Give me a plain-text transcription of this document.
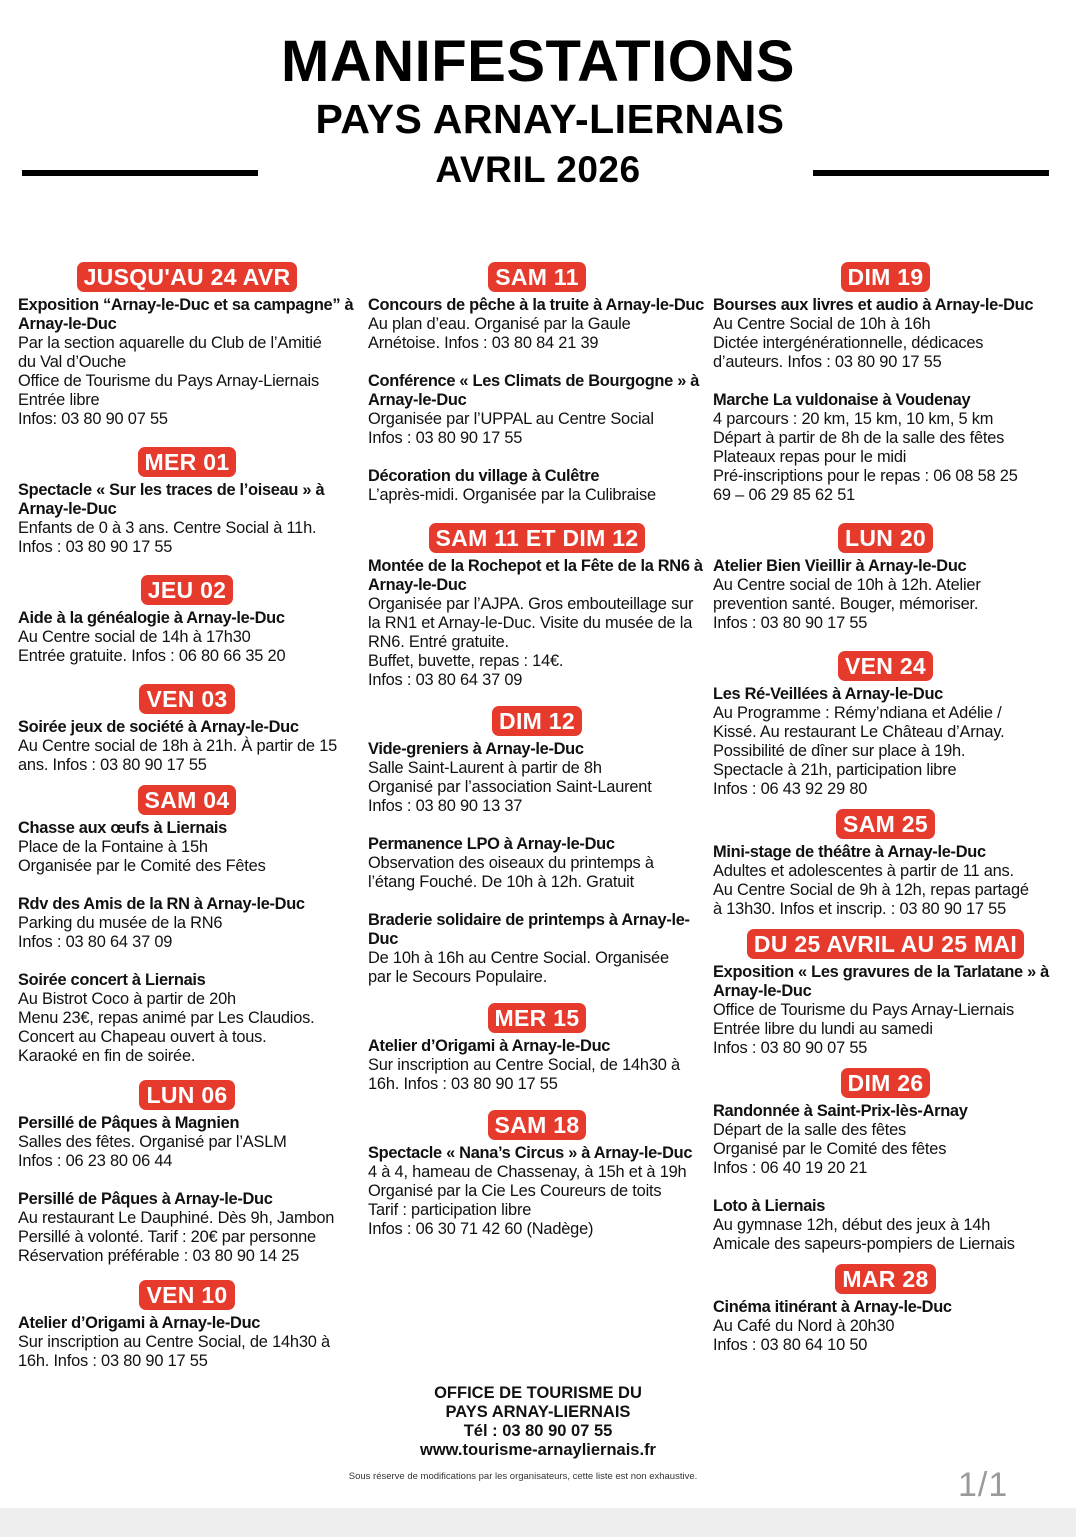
MANIFESTATIONS
PAYS ARNAY-LIERNAIS
AVRIL 2026
JUSQU'AU 24 AVR
Exposition “Arnay-le-Duc et sa campagne” à
Arnay-le-Duc
Par la section aquarelle du Club de l’Amitié
du Val d’Ouche
Office de Tourisme du Pays Arnay-Liernais
Entrée libre
Infos: 03 80 90 07 55
MER 01
Spectacle « Sur les traces de l’oiseau » à
Arnay-le-Duc
Enfants de 0 à 3 ans. Centre Social à 11h.
Infos : 03 80 90 17 55
JEU 02
Aide à la généalogie à Arnay-le-Duc
Au Centre social de 14h à 17h30
Entrée gratuite. Infos : 06 80 66 35 20
VEN 03
Soirée jeux de société à Arnay-le-Duc
Au Centre social de 18h à 21h. À partir de 15
ans. Infos : 03 80 90 17 55
SAM 04
Chasse aux œufs à Liernais
Place de la Fontaine à 15h
Organisée par le Comité des Fêtes
Rdv des Amis de la RN à Arnay-le-Duc
Parking du musée de la RN6
Infos : 03 80 64 37 09
Soirée concert à Liernais
Au Bistrot Coco à partir de 20h
Menu 23€, repas animé par Les Claudios.
Concert au Chapeau ouvert à tous.
Karaoké en fin de soirée.
LUN 06
Persillé de Pâques à Magnien
Salles des fêtes. Organisé par l’ASLM
Infos : 06 23 80 06 44
Persillé de Pâques à Arnay-le-Duc
Au restaurant Le Dauphiné. Dès 9h, Jambon
Persillé à volonté. Tarif : 20€ par personne
Réservation préférable : 03 80 90 14 25
VEN 10
Atelier d’Origami à Arnay-le-Duc
Sur inscription au Centre Social, de 14h30 à
16h. Infos : 03 80 90 17 55
SAM 11
Concours de pêche à la truite à Arnay-le-Duc
Au plan d’eau. Organisé par la Gaule
Arnétoise. Infos : 03 80 84 21 39
Conférence « Les Climats de Bourgogne » à
Arnay-le-Duc
Organisée par l’UPPAL au Centre Social
Infos : 03 80 90 17 55
Décoration du village à Culêtre
L’après-midi. Organisée par la Culibraise
SAM 11 ET DIM 12
Montée de la Rochepot et la Fête de la RN6 à
Arnay-le-Duc
Organisée par l’AJPA. Gros embouteillage sur
la RN1 et Arnay-le-Duc. Visite du musée de la
RN6. Entré gratuite.
Buffet, buvette, repas : 14€.
Infos : 03 80 64 37 09
DIM 12
Vide-greniers à Arnay-le-Duc
Salle Saint-Laurent à partir de 8h
Organisé par l’association Saint-Laurent
Infos : 03 80 90 13 37
Permanence LPO à Arnay-le-Duc
Observation des oiseaux du printemps à
l’étang Fouché. De 10h à 12h. Gratuit
Braderie solidaire de printemps à Arnay-le-
Duc
De 10h à 16h au Centre Social. Organisée
par le Secours Populaire.
MER 15
Atelier d’Origami à Arnay-le-Duc
Sur inscription au Centre Social, de 14h30 à
16h. Infos : 03 80 90 17 55
SAM 18
Spectacle « Nana’s Circus » à Arnay-le-Duc
4 à 4, hameau de Chassenay, à 15h et à 19h
Organisé par la Cie Les Coureurs de toits
Tarif : participation libre
Infos : 06 30 71 42 60 (Nadège)
DIM 19
Bourses aux livres et audio à Arnay-le-Duc
Au Centre Social de 10h à 16h
Dictée intergénérationnelle, dédicaces
d’auteurs. Infos : 03 80 90 17 55
Marche La vuldonaise à Voudenay
4 parcours : 20 km, 15 km, 10 km, 5 km
Départ à partir de 8h de la salle des fêtes
Plateaux repas pour le midi
Pré-inscriptions pour le repas : 06 08 58 25
69 – 06 29 85 62 51
LUN 20
Atelier Bien Vieillir à Arnay-le-Duc
Au Centre social de 10h à 12h. Atelier
prevention santé. Bouger, mémoriser.
Infos : 03 80 90 17 55
VEN 24
Les Ré-Veillées à Arnay-le-Duc
Au Programme : Rémy’ndiana et Adélie /
Kissé. Au restaurant Le Château d’Arnay.
Possibilité de dîner sur place à 19h.
Spectacle à 21h, participation libre
Infos : 06 43 92 29 80
SAM 25
Mini-stage de théâtre à Arnay-le-Duc
Adultes et adolescentes à partir de 11 ans.
Au Centre Social de 9h à 12h, repas partagé
à 13h30. Infos et inscrip. : 03 80 90 17 55
DU 25 AVRIL AU 25 MAI
Exposition « Les gravures de la Tarlatane » à
Arnay-le-Duc
Office de Tourisme du Pays Arnay-Liernais
Entrée libre du lundi au samedi
Infos : 03 80 90 07 55
DIM 26
Randonnée à Saint-Prix-lès-Arnay
Départ de la salle des fêtes
Organisé par le Comité des fêtes
Infos : 06 40 19 20 21
Loto à Liernais
Au gymnase 12h, début des jeux à 14h
Amicale des sapeurs-pompiers de Liernais
MAR 28
Cinéma itinérant à Arnay-le-Duc
Au Café du Nord à 20h30
Infos : 03 80 64 10 50
OFFICE DE TOURISME DU
PAYS ARNAY-LIERNAIS
Tél : 03 80 90 07 55
www.tourisme-arnayliernais.fr
Sous réserve de modifications par les organisateurs, cette liste est non exhaustive.	1/1
